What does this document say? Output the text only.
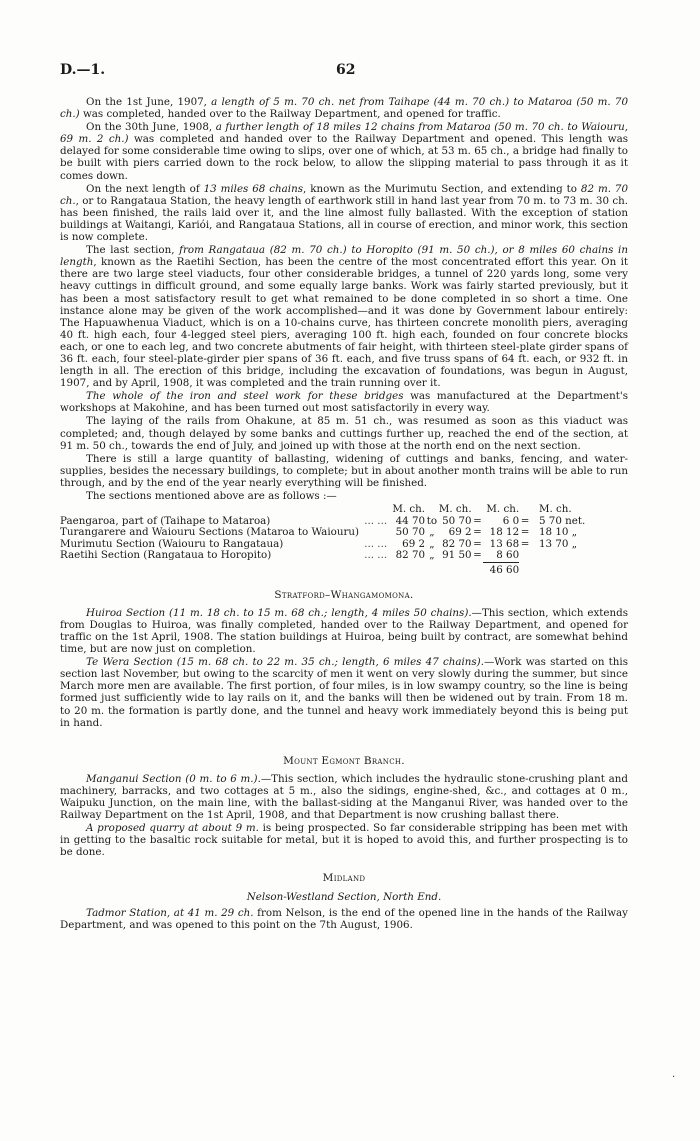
D.—1.	62

On the 1st June, 1907, a length of 5 m. 70 ch. net from Taihape (44 m. 70 ch.) to Mataroa (50 m. 70 ch.) was completed, handed over to the Railway Department, and opened for traffic.

On the 30th June, 1908, a further length of 18 miles 12 chains from Mataroa (50 m. 70 ch. to Waiouru, 69 m. 2 ch.) was completed and handed over to the Railway Department and opened. This length was delayed for some considerable time owing to slips, over one of which, at 53 m. 65 ch., a bridge had finally to be built with piers carried down to the rock below, to allow the slipping material to pass through it as it comes down.

On the next length of 13 miles 68 chains, known as the Murimutu Section, and extending to 82 m. 70 ch., or to Rangataua Station, the heavy length of earthwork still in hand last year from 70 m. to 73 m. 30 ch. has been finished, the rails laid over it, and the line almost fully ballasted. With the exception of station buildings at Waitangi, Kariói, and Rangataua Stations, all in course of erection, and minor work, this section is now complete.

The last section, from Rangataua (82 m. 70 ch.) to Horopito (91 m. 50 ch.), or 8 miles 60 chains in length, known as the Raetihi Section, has been the centre of the most concentrated effort this year. On it there are two large steel viaducts, four other considerable bridges, a tunnel of 220 yards long, some very heavy cuttings in difficult ground, and some equally large banks. Work was fairly started previously, but it has been a most satisfactory result to get what remained to be done completed in so short a time. One instance alone may be given of the work accomplished—and it was done by Government labour entirely: The Hapuawhenua Viaduct, which is on a 10-chains curve, has thirteen concrete monolith piers, averaging 40 ft. high each, four 4-legged steel piers, averaging 100 ft. high each, founded on four concrete blocks each, or one to each leg, and two concrete abutments of fair height, with thirteen steel-plate girder spans of 36 ft. each, four steel-plate-girder pier spans of 36 ft. each, and five truss spans of 64 ft. each, or 932 ft. in length in all. The erection of this bridge, including the excavation of foundations, was begun in August, 1907, and by April, 1908, it was completed and the train running over it.

The whole of the iron and steel work for these bridges was manufactured at the Department's workshops at Makohine, and has been turned out most satisfactorily in every way.

The laying of the rails from Ohakune, at 85 m. 51 ch., was resumed as soon as this viaduct was completed; and, though delayed by some banks and cuttings further up, reached the end of the section, at 91 m. 50 ch., towards the end of July, and joined up with those at the north end on the next section.

There is still a large quantity of ballasting, widening of cuttings and banks, fencing, and water-supplies, besides the necessary buildings, to complete; but in about another month trains will be able to run through, and by the end of the year nearly everything will be finished.

The sections mentioned above are as follows :—

		M. ch.		M. ch.		M. ch.		M. ch.
Paengaroa, part of (Taihape to Mataroa)	... ...	44 70	to	50 70	=	6 0	=	5 70 net.
Turangarere and Waiouru Sections (Mataroa to Waiouru)		50 70	„	69 2	=	18 12	=	18 10 „
Murimutu Section (Waiouru to Rangataua)	... ...	69 2	„	82 70	=	13 68	=	13 70 „
Raetihi Section (Rangataua to Horopito)	... ...	82 70	„	91 50	=	8 60		
						46 60		
Stratford–Whangamomona.

Huiroa Section (11 m. 18 ch. to 15 m. 68 ch.; length, 4 miles 50 chains).—This section, which extends from Douglas to Huiroa, was finally completed, handed over to the Railway Department, and opened for traffic on the 1st April, 1908. The station buildings at Huiroa, being built by contract, are somewhat behind time, but are now just on completion.

Te Wera Section (15 m. 68 ch. to 22 m. 35 ch.; length, 6 miles 47 chains).—Work was started on this section last November, but owing to the scarcity of men it went on very slowly during the summer, but since March more men are available. The first portion, of four miles, is in low swampy country, so the line is being formed just sufficiently wide to lay rails on it, and the banks will then be widened out by train. From 18 m. to 20 m. the formation is partly done, and the tunnel and heavy work immediately beyond this is being put in hand.

Mount Egmont Branch.

Manganui Section (0 m. to 6 m.).—This section, which includes the hydraulic stone-crushing plant and machinery, barracks, and two cottages at 5 m., also the sidings, engine-shed, &c., and cottages at 0 m., Waipuku Junction, on the main line, with the ballast-siding at the Manganui River, was handed over to the Railway Department on the 1st April, 1908, and that Department is now crushing ballast there.

A proposed quarry at about 9 m. is being prospected. So far considerable stripping has been met with in getting to the basaltic rock suitable for metal, but it is hoped to avoid this, and further prospecting is to be done.

Midland
Nelson-Westland Section, North End.

Tadmor Station, at 41 m. 29 ch. from Nelson, is the end of the opened line in the hands of the Railway Department, and was opened to this point on the 7th August, 1906.

·
